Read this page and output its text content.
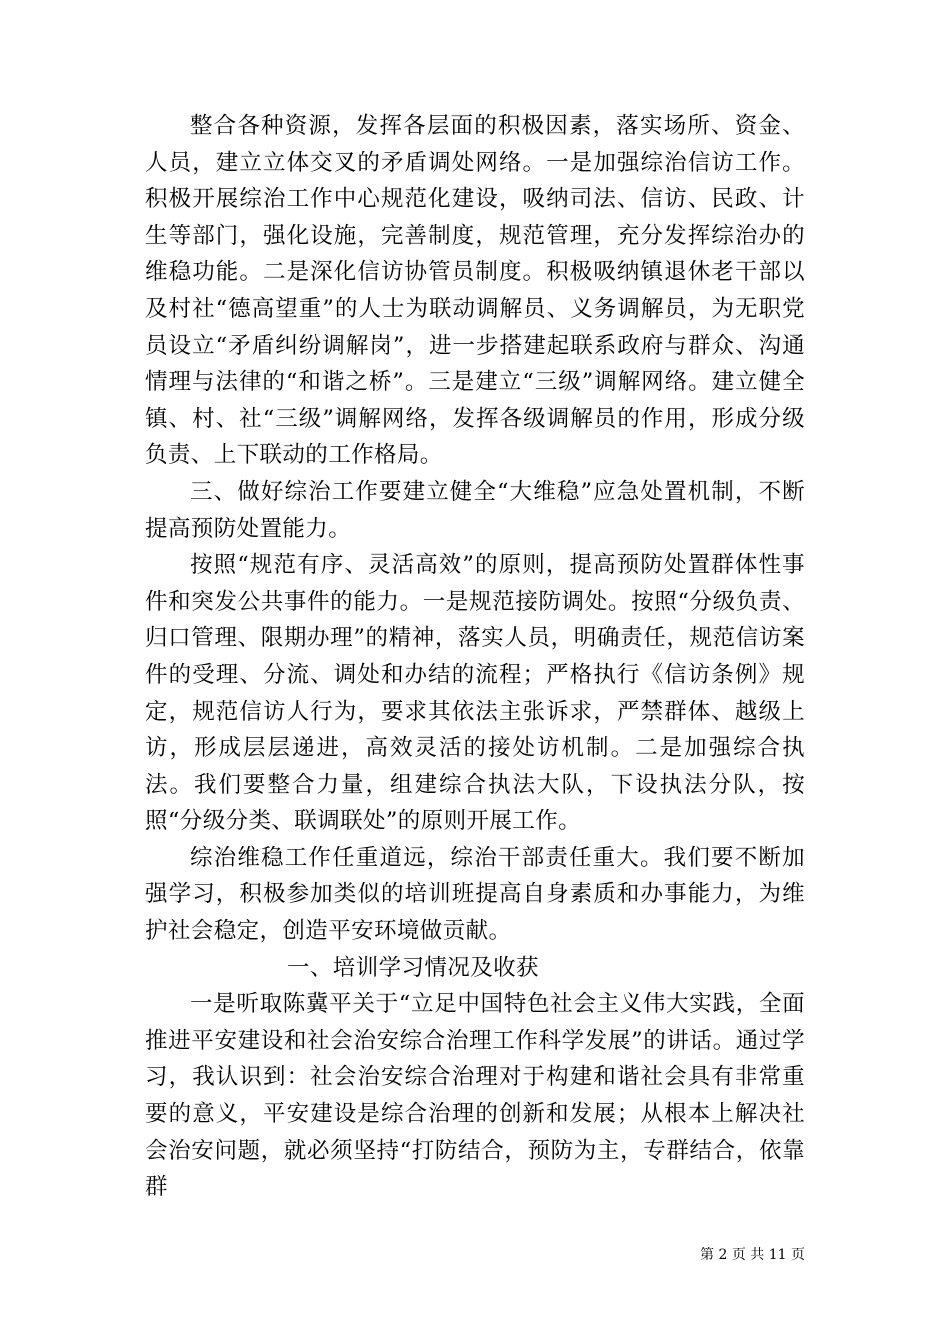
整合各种资源，发挥各层面的积极因素，落实场所、资金、人员，建立立体交叉的矛盾调处网络。一是加强综治信访工作。积极开展综治工作中心规范化建设，吸纳司法、信访、民政、计生等部门，强化设施，完善制度，规范管理，充分发挥综治办的维稳功能。二是深化信访协管员制度。积极吸纳镇退休老干部以及村社“德高望重”的人士为联动调解员、义务调解员，为无职党员设立“矛盾纠纷调解岗”，进一步搭建起联系政府与群众、沟通情理与法律的“和谐之桥”。三是建立“三级”调解网络。建立健全镇、村、社“三级”调解网络，发挥各级调解员的作用，形成分级负责、上下联动的工作格局。

三、做好综治工作要建立健全“大维稳”应急处置机制，不断提高预防处置能力。

按照“规范有序、灵活高效”的原则，提高预防处置群体性事件和突发公共事件的能力。一是规范接防调处。按照“分级负责、归口管理、限期办理”的精神，落实人员，明确责任，规范信访案件的受理、分流、调处和办结的流程；严格执行《信访条例》规定，规范信访人行为，要求其依法主张诉求，严禁群体、越级上访，形成层层递进，高效灵活的接处访机制。二是加强综合执法。我们要整合力量，组建综合执法大队，下设执法分队，按照“分级分类、联调联处”的原则开展工作。

综治维稳工作任重道远，综治干部责任重大。我们要不断加强学习，积极参加类似的培训班提高自身素质和办事能力，为维护社会稳定，创造平安环境做贡献。

一、培训学习情况及收获

一是听取陈冀平关于“立足中国特色社会主义伟大实践，全面推进平安建设和社会治安综合治理工作科学发展”的讲话。通过学习，我认识到：社会治安综合治理对于构建和谐社会具有非常重要的意义，平安建设是综合治理的创新和发展；从根本上解决社会治安问题，就必须坚持“打防结合，预防为主，专群结合，依靠群

第 2 页 共 11 页
